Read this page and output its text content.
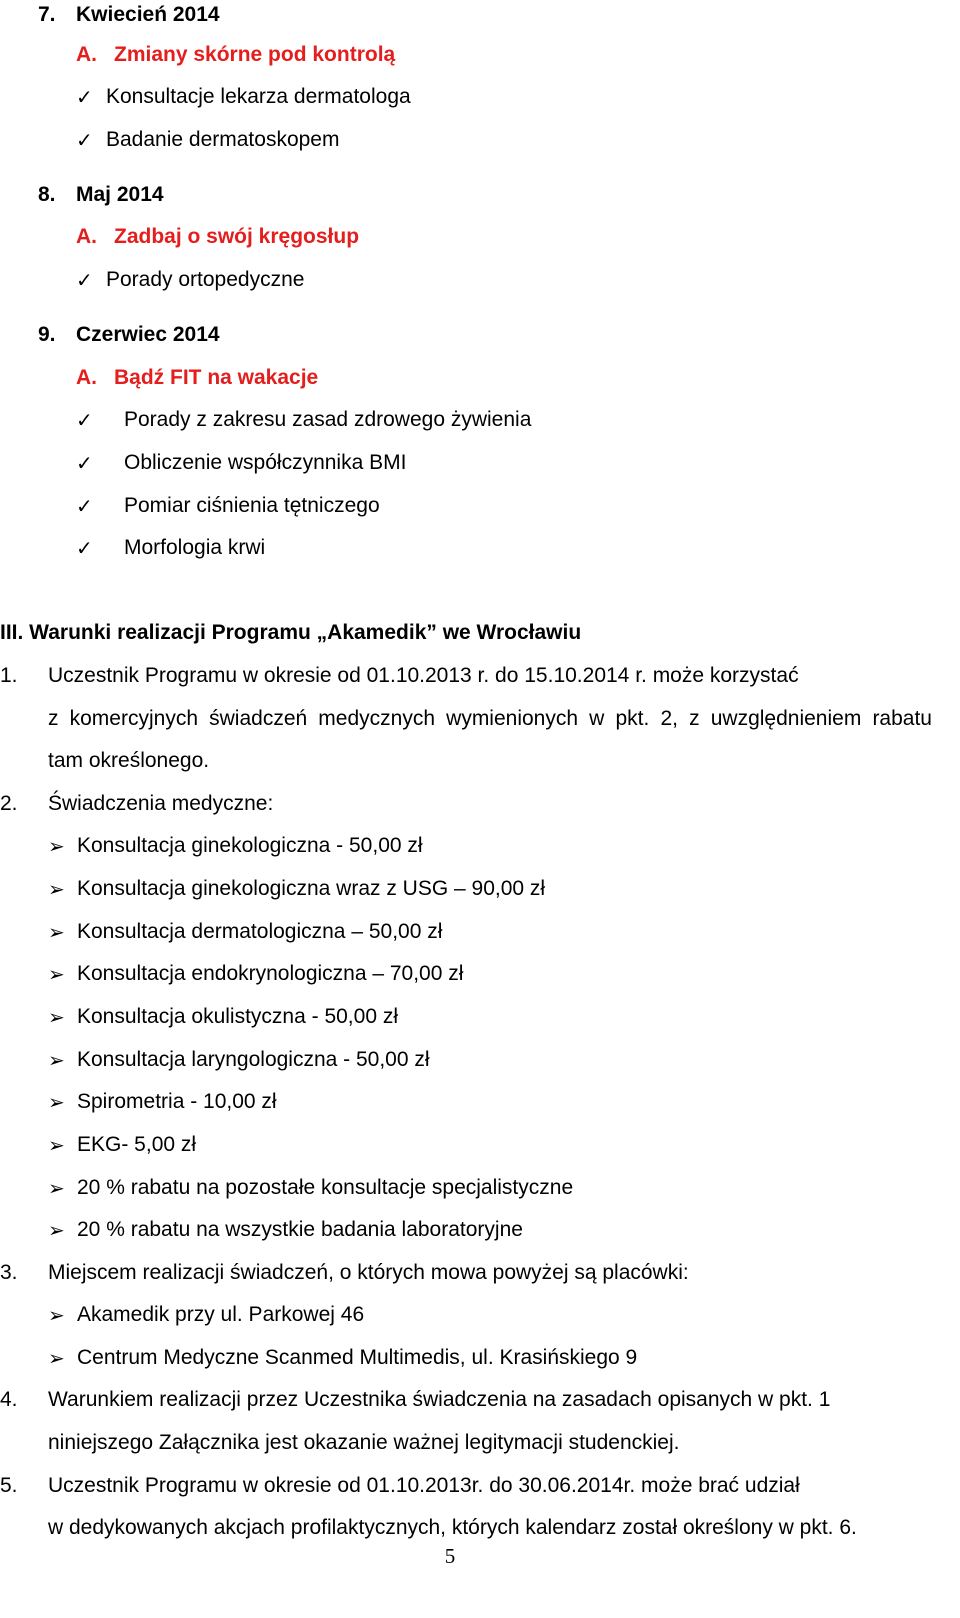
7. Kwiecień 2014
A. Zmiany skórne pod kontrolą
✓ Konsultacje lekarza dermatologa
✓ Badanie dermatoskopem
8. Maj 2014
A. Zadbaj o swój kręgosłup
✓ Porady ortopedyczne
9. Czerwiec 2014
A. Bądź FIT na wakacje
✓ Porady z zakresu zasad zdrowego żywienia
✓ Obliczenie współczynnika BMI
✓ Pomiar ciśnienia tętniczego
✓ Morfologia krwi
III. Warunki realizacji Programu „Akamedik” we Wrocławiu
1. Uczestnik Programu w okresie od 01.10.2013 r. do 15.10.2014 r. może korzystać
z komercyjnych świadczeń medycznych wymienionych w pkt. 2, z uwzględnieniem rabatu
tam określonego.
2. Świadczenia medyczne:
➢ Konsultacja ginekologiczna - 50,00 zł
➢ Konsultacja ginekologiczna wraz z USG – 90,00 zł
➢ Konsultacja dermatologiczna – 50,00 zł
➢ Konsultacja endokrynologiczna – 70,00 zł
➢ Konsultacja okulistyczna - 50,00 zł
➢ Konsultacja laryngologiczna - 50,00 zł
➢ Spirometria - 10,00 zł
➢ EKG- 5,00 zł
➢ 20 % rabatu na pozostałe konsultacje specjalistyczne
➢ 20 % rabatu na wszystkie badania laboratoryjne
3. Miejscem realizacji świadczeń, o których mowa powyżej są placówki:
➢ Akamedik przy ul. Parkowej 46
➢ Centrum Medyczne Scanmed Multimedis, ul. Krasińskiego 9
4. Warunkiem realizacji przez Uczestnika świadczenia na zasadach opisanych w pkt. 1
niniejszego Załącznika jest okazanie ważnej legitymacji studenckiej.
5. Uczestnik Programu w okresie od 01.10.2013r. do 30.06.2014r. może brać udział
w dedykowanych akcjach profilaktycznych, których kalendarz został określony w pkt. 6.
5
